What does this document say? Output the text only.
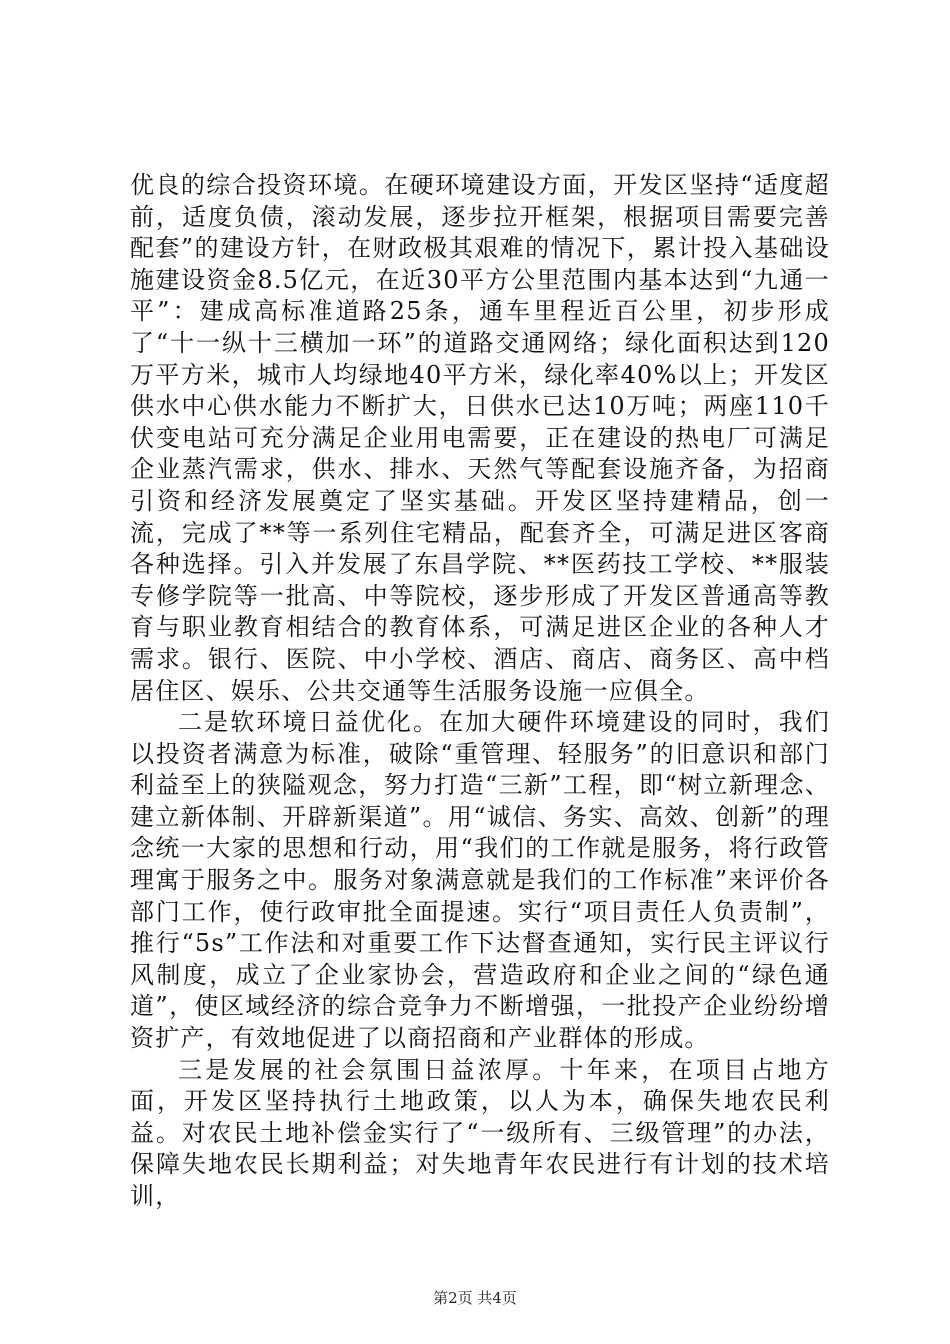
优良的综合投资环境。在硬环境建设方面，开发区坚持“适度超前，适度负债，滚动发展，逐步拉开框架，根据项目需要完善配套”的建设方针，在财政极其艰难的情况下，累计投入基础设施建设资金8.5亿元，在近30平方公里范围内基本达到“九通一平”：建成高标准道路25条，通车里程近百公里，初步形成了“十一纵十三横加一环”的道路交通网络；绿化面积达到120万平方米，城市人均绿地40平方米，绿化率40%以上；开发区供水中心供水能力不断扩大，日供水已达10万吨；两座110千伏变电站可充分满足企业用电需要，正在建设的热电厂可满足企业蒸汽需求，供水、排水、天然气等配套设施齐备，为招商引资和经济发展奠定了坚实基础。开发区坚持建精品，创一流，完成了**等一系列住宅精品，配套齐全，可满足进区客商各种选择。引入并发展了东昌学院、**医药技工学校、**服装专修学院等一批高、中等院校，逐步形成了开发区普通高等教育与职业教育相结合的教育体系，可满足进区企业的各种人才需求。银行、医院、中小学校、酒店、商店、商务区、高中档居住区、娱乐、公共交通等生活服务设施一应俱全。

二是软环境日益优化。在加大硬件环境建设的同时，我们以投资者满意为标准，破除“重管理、轻服务”的旧意识和部门利益至上的狭隘观念，努力打造“三新”工程，即“树立新理念、建立新体制、开辟新渠道”。用“诚信、务实、高效、创新”的理念统一大家的思想和行动，用“我们的工作就是服务，将行政管理寓于服务之中。服务对象满意就是我们的工作标准”来评价各部门工作，使行政审批全面提速。实行“项目责任人负责制”，推行“5s”工作法和对重要工作下达督查通知，实行民主评议行风制度，成立了企业家协会，营造政府和企业之间的“绿色通道”，使区域经济的综合竞争力不断增强，一批投产企业纷纷增资扩产，有效地促进了以商招商和产业群体的形成。

三是发展的社会氛围日益浓厚。十年来，在项目占地方面，开发区坚持执行土地政策，以人为本，确保失地农民利益。对农民土地补偿金实行了“一级所有、三级管理”的办法，保障失地农民长期利益；对失地青年农民进行有计划的技术培训，

第2页 共4页
